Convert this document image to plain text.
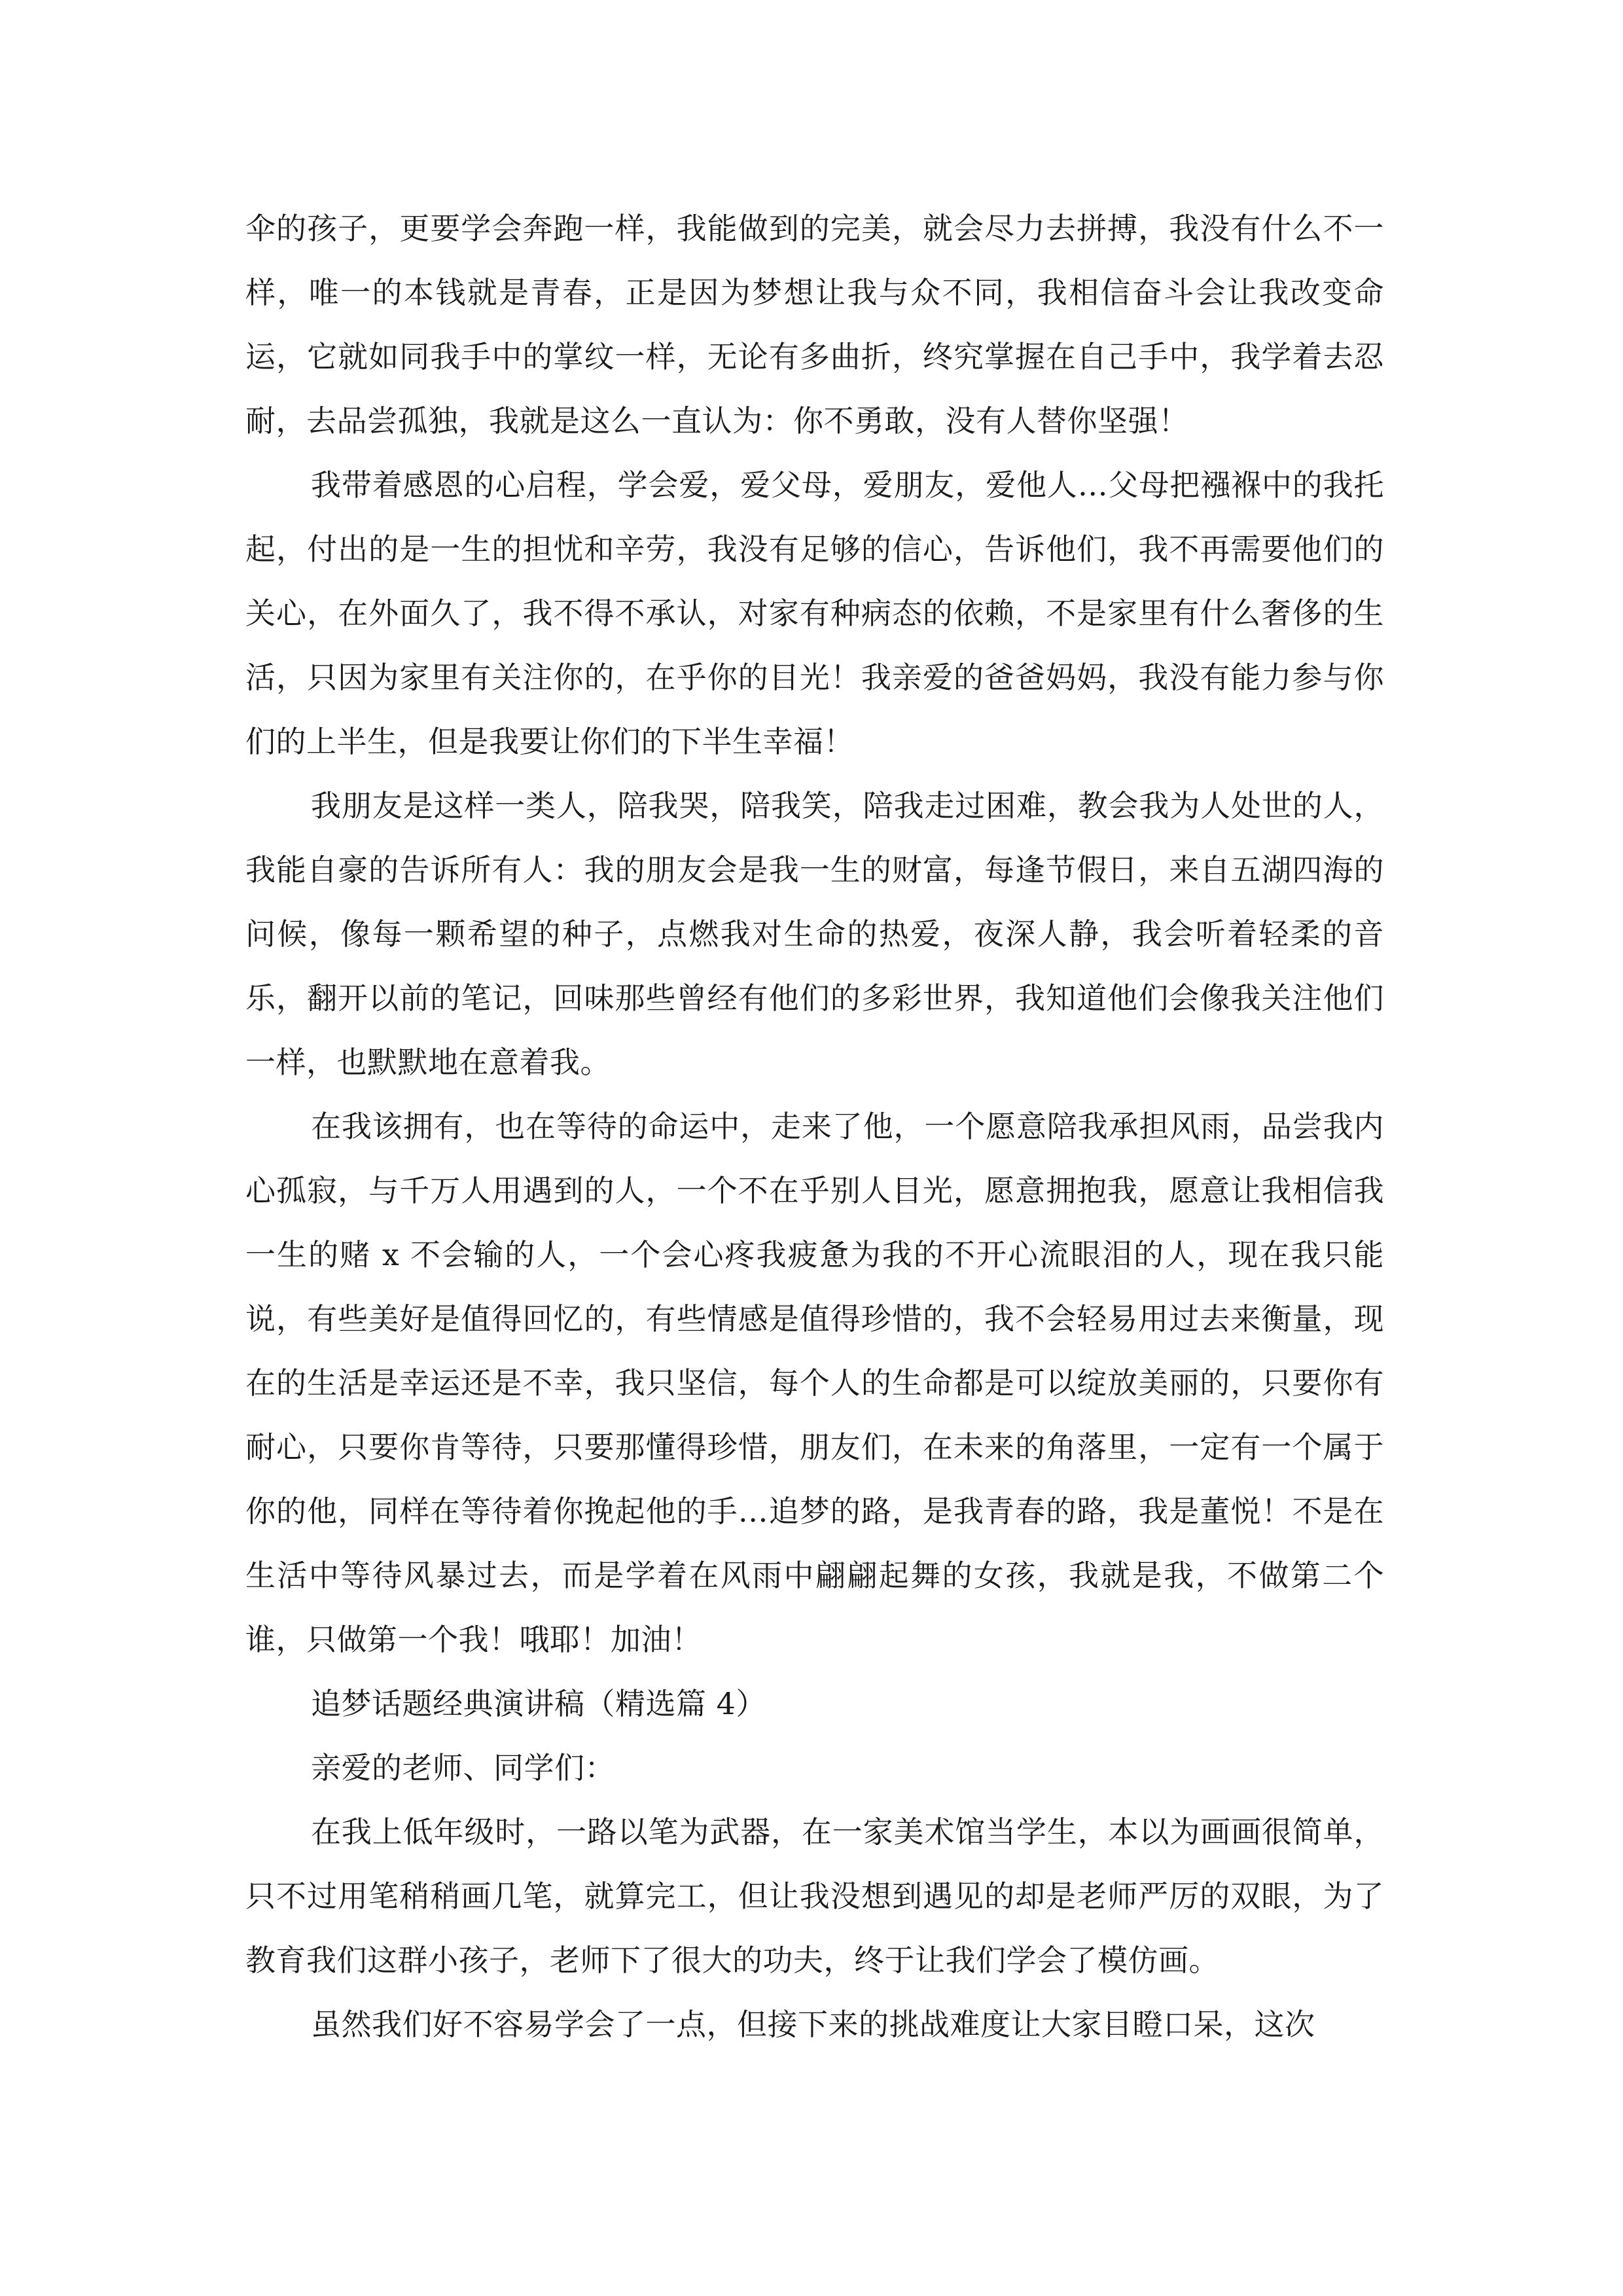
伞的孩子，更要学会奔跑一样，我能做到的完美，就会尽力去拼搏，我没有什么不一样，唯一的本钱就是青春，正是因为梦想让我与众不同，我相信奋斗会让我改变命运，它就如同我手中的掌纹一样，无论有多曲折，终究掌握在自己手中，我学着去忍耐，去品尝孤独，我就是这么一直认为：你不勇敢，没有人替你坚强！

我带着感恩的心启程，学会爱，爱父母，爱朋友，爱他人…父母把襁褓中的我托起，付出的是一生的担忧和辛劳，我没有足够的信心，告诉他们，我不再需要他们的关心，在外面久了，我不得不承认，对家有种病态的依赖，不是家里有什么奢侈的生活，只因为家里有关注你的，在乎你的目光！我亲爱的爸爸妈妈，我没有能力参与你们的上半生，但是我要让你们的下半生幸福！

我朋友是这样一类人，陪我哭，陪我笑，陪我走过困难，教会我为人处世的人，我能自豪的告诉所有人：我的朋友会是我一生的财富，每逢节假日，来自五湖四海的问候，像每一颗希望的种子，点燃我对生命的热爱，夜深人静，我会听着轻柔的音乐，翻开以前的笔记，回味那些曾经有他们的多彩世界，我知道他们会像我关注他们一样，也默默地在意着我。

在我该拥有，也在等待的命运中，走来了他，一个愿意陪我承担风雨，品尝我内心孤寂，与千万人用遇到的人，一个不在乎别人目光，愿意拥抱我，愿意让我相信我一生的赌 x 不会输的人，一个会心疼我疲惫为我的不开心流眼泪的人，现在我只能说，有些美好是值得回忆的，有些情感是值得珍惜的，我不会轻易用过去来衡量，现在的生活是幸运还是不幸，我只坚信，每个人的生命都是可以绽放美丽的，只要你有耐心，只要你肯等待，只要那懂得珍惜，朋友们，在未来的角落里，一定有一个属于你的他，同样在等待着你挽起他的手…追梦的路，是我青春的路，我是董悦！不是在生活中等待风暴过去，而是学着在风雨中翩翩起舞的女孩，我就是我，不做第二个谁，只做第一个我！哦耶！加油！

追梦话题经典演讲稿（精选篇 4）

亲爱的老师、同学们：

在我上低年级时，一路以笔为武器，在一家美术馆当学生，本以为画画很简单，只不过用笔稍稍画几笔，就算完工，但让我没想到遇见的却是老师严厉的双眼，为了教育我们这群小孩子，老师下了很大的功夫，终于让我们学会了模仿画。

虽然我们好不容易学会了一点，但接下来的挑战难度让大家目瞪口呆，这次
